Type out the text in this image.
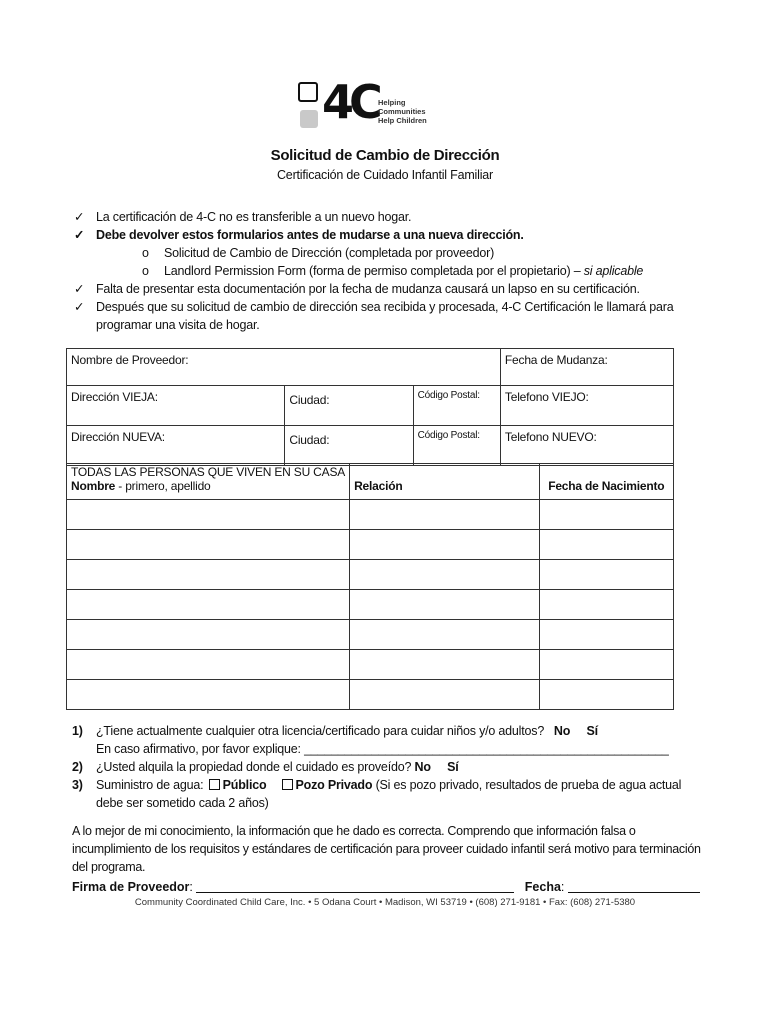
4C Helping
Communities
Help Children
Solicitud de Cambio de Dirección
Certificación de Cuidado Infantil Familiar
✓ La certificación de 4-C no es transferible a un nuevo hogar.
✓ Debe devolver estos formularios antes de mudarse a una nueva dirección.
o Solicitud de Cambio de Dirección (completada por proveedor)
o Landlord Permission Form (forma de permiso completada por el propietario) – si aplicable
✓ Falta de presentar esta documentación por la fecha de mudanza causará un lapso en su certificación.
✓ Después que su solicitud de cambio de dirección sea recibida y procesada, 4-C Certificación le llamará para programar una visita de hogar.
Nombre de Proveedor:			Fecha de Mudanza:
Dirección VIEJA:	Ciudad:	Código Postal:	Telefono VIEJO:
Dirección NUEVA:	Ciudad:	Código Postal:	Telefono NUEVO:
TODAS LAS PERSONAS QUE VIVEN EN SU CASA
Nombre - primero, apellido	Relación	Fecha de Nacimiento

1) ¿Tiene actualmente cualquier otra licencia/certificado para cuidar niños y/o adultos? No Sí
En caso afirmativo, por favor explique: ______________________________________________________
2) ¿Usted alquila la propiedad donde el cuidado es proveído? No Sí
3) Suministro de agua: Público Pozo Privado (Si es pozo privado, resultados de prueba de agua actual debe ser sometido cada 2 años)
A lo mejor de mi conocimiento, la información que he dado es correcta. Comprendo que información falsa o incumplimiento de los requisitos y estándares de certificación para proveer cuidado infantil será motivo para terminación del programa.
Firma de Proveedor:	Fecha:
Community Coordinated Child Care, Inc. • 5 Odana Court • Madison, WI 53719 • (608) 271-9181 • Fax: (608) 271-5380
